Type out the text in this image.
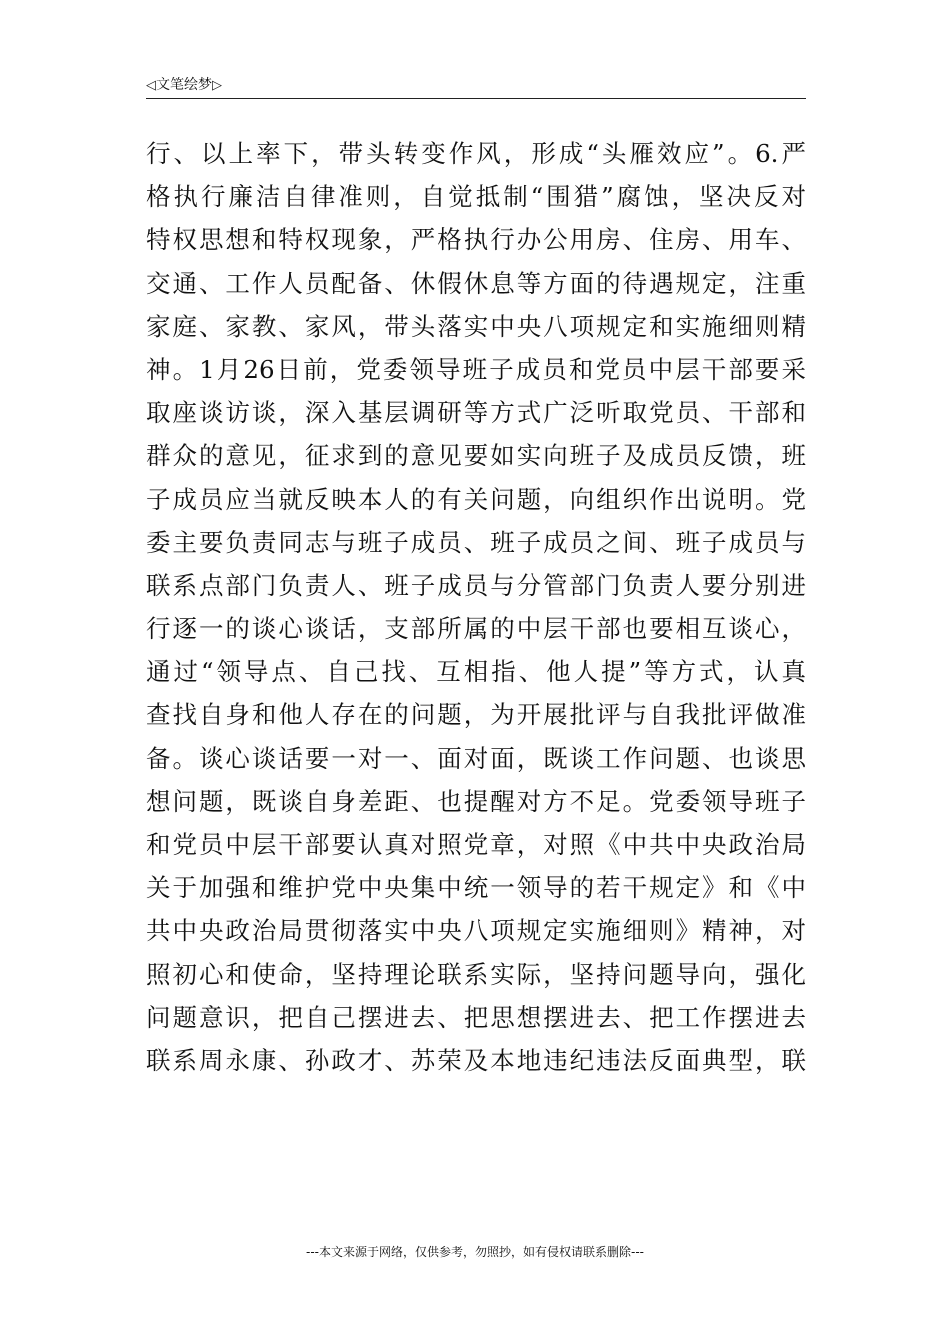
◁文笔绘梦▷
行、以上率下，带头转变作风，形成“头雁效应”。6.严
格执行廉洁自律准则，自觉抵制“围猎”腐蚀，坚决反对
特权思想和特权现象，严格执行办公用房、住房、用车、
交通、工作人员配备、休假休息等方面的待遇规定，注重
家庭、家教、家风，带头落实中央八项规定和实施细则精
神。1月26日前，党委领导班子成员和党员中层干部要采
取座谈访谈，深入基层调研等方式广泛听取党员、干部和
群众的意见，征求到的意见要如实向班子及成员反馈，班
子成员应当就反映本人的有关问题，向组织作出说明。党
委主要负责同志与班子成员、班子成员之间、班子成员与
联系点部门负责人、班子成员与分管部门负责人要分别进
行逐一的谈心谈话，支部所属的中层干部也要相互谈心，
通过“领导点、自己找、互相指、他人提”等方式，认真
查找自身和他人存在的问题，为开展批评与自我批评做准
备。谈心谈话要一对一、面对面，既谈工作问题、也谈思
想问题，既谈自身差距、也提醒对方不足。党委领导班子
和党员中层干部要认真对照党章，对照《中共中央政治局
关于加强和维护党中央集中统一领导的若干规定》和《中
共中央政治局贯彻落实中央八项规定实施细则》精神，对
照初心和使命，坚持理论联系实际，坚持问题导向，强化
问题意识，把自己摆进去、把思想摆进去、把工作摆进去
联系周永康、孙政才、苏荣及本地违纪违法反面典型，联
---本文来源于网络，仅供参考，勿照抄，如有侵权请联系删除---
